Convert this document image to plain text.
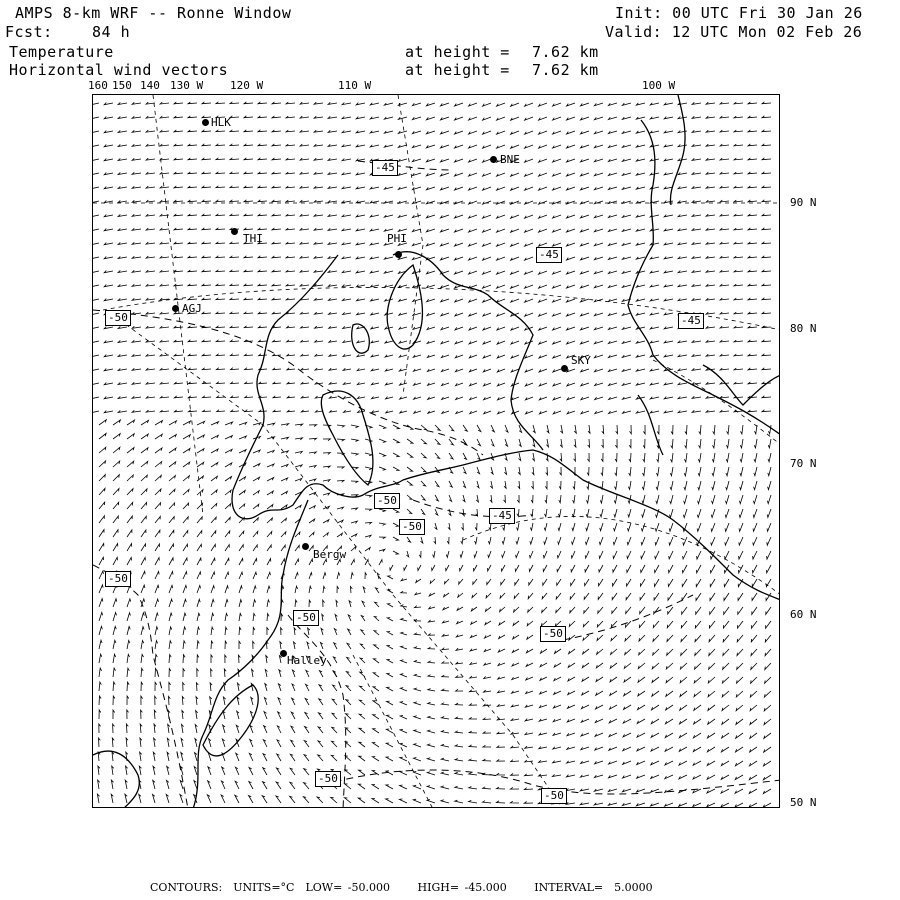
AMPS 8-km WRF -- Ronne Window
Fcst:	84 h
Init: 00 UTC Fri 30 Jan 26
Valid: 12 UTC Mon 02 Feb 26
Temperature
Horizontal wind vectors
at height = 7.62 km
at height = 7.62 km
160 150 140 130 W 120 W	110 W	100 W
90 N
80 N
70 N
60 N
50 N
HLK
BNE
THI	PHI
AGJ
SKY
Bergw
Halley
-45
-45
-45
-50
-50
-50
-45
-50
-50
-50
-50
-50
CONTOURS: UNITS=°C LOW= -50.000 HIGH= -45.000 INTERVAL=  5.0000
